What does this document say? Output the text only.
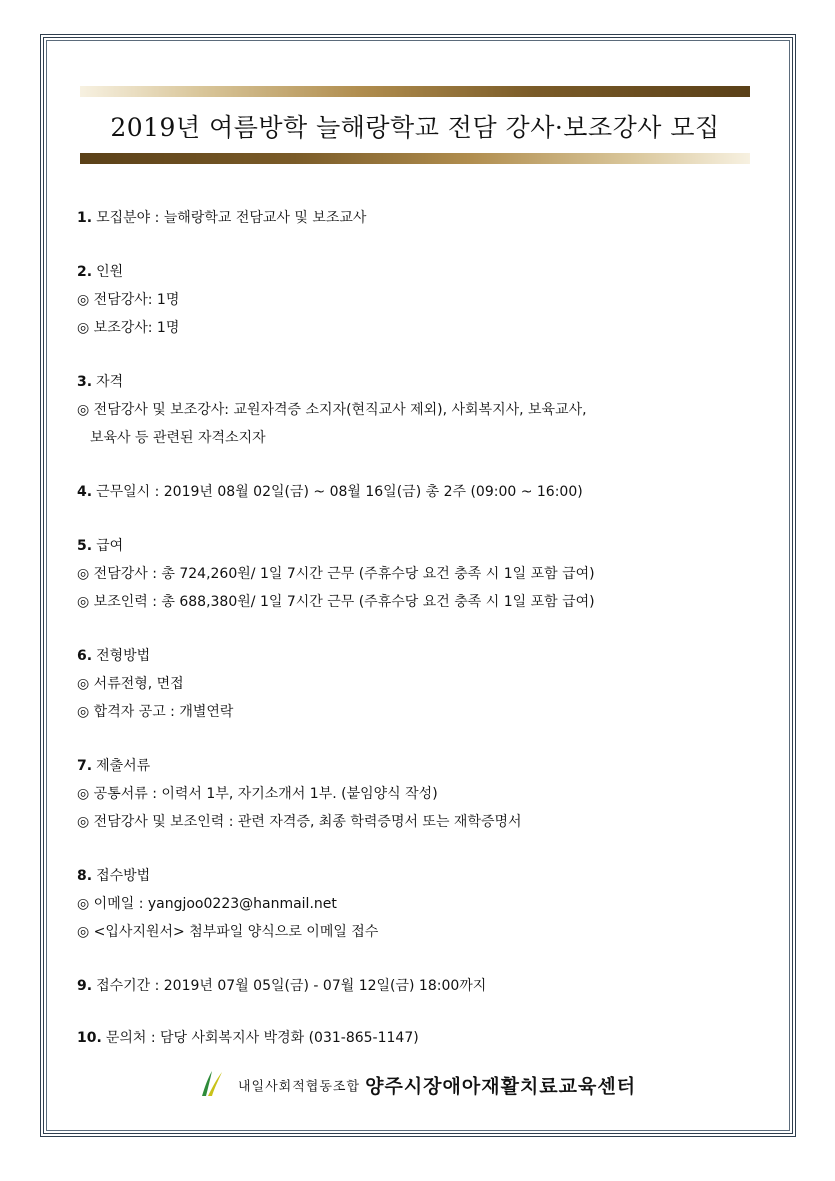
2019년 여름방학 늘해랑학교 전담 강사·보조강사 모집
1. 모집분야 : 늘해랑학교 전담교사 및 보조교사
2. 인원
◎ 전담강사: 1명
◎ 보조강사: 1명
3. 자격
◎ 전담강사 및 보조강사: 교원자격증 소지자(현직교사 제외), 사회복지사, 보육교사,
보육사 등 관련된 자격소지자
4. 근무일시 : 2019년 08월 02일(금) ~ 08월 16일(금) 총 2주 (09:00 ~ 16:00)
5. 급여
◎ 전담강사 : 총 724,260원/ 1일 7시간 근무 (주휴수당 요건 충족 시 1일 포함 급여)
◎ 보조인력 : 총 688,380원/ 1일 7시간 근무 (주휴수당 요건 충족 시 1일 포함 급여)
6. 전형방법
◎ 서류전형, 면접
◎ 합격자 공고 : 개별연락
7. 제출서류
◎ 공통서류 : 이력서 1부, 자기소개서 1부. (붙임양식 작성)
◎ 전담강사 및 보조인력 : 관련 자격증, 최종 학력증명서 또는 재학증명서
8. 접수방법
◎ 이메일 : yangjoo0223@hanmail.net
◎ <입사지원서> 첨부파일 양식으로 이메일 접수
9. 접수기간 : 2019년 07월 05일(금) - 07월 12일(금) 18:00까지
10. 문의처 : 담당 사회복지사 박경화 (031-865-1147)
내일사회적협동조합 양주시장애아재활치료교육센터
